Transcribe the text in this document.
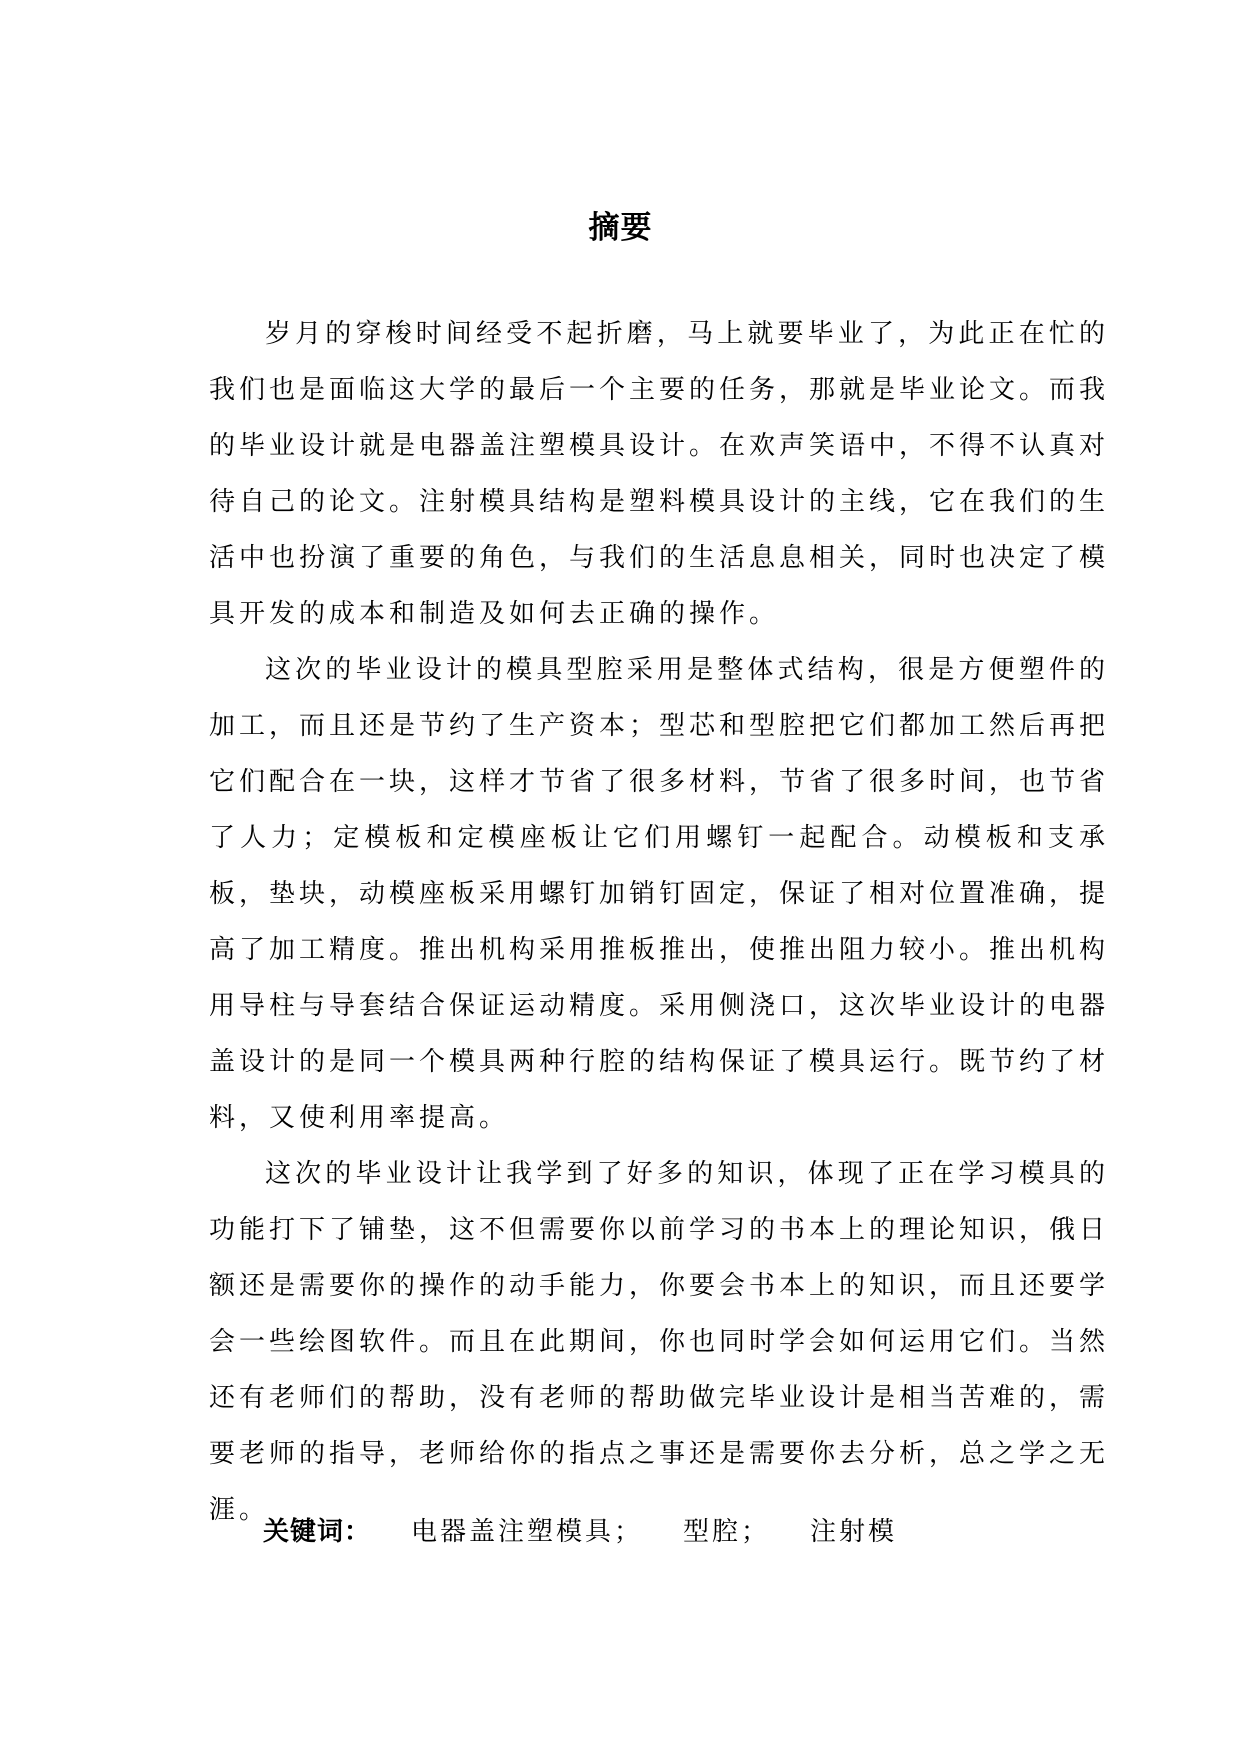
摘要

岁月的穿梭时间经受不起折磨，马上就要毕业了，为此正在忙的我们也是面临这大学的最后一个主要的任务，那就是毕业论文。而我的毕业设计就是电器盖注塑模具设计。在欢声笑语中，不得不认真对待自己的论文。注射模具结构是塑料模具设计的主线，它在我们的生活中也扮演了重要的角色，与我们的生活息息相关，同时也决定了模具开发的成本和制造及如何去正确的操作。

这次的毕业设计的模具型腔采用是整体式结构，很是方便塑件的加工，而且还是节约了生产资本；型芯和型腔把它们都加工然后再把它们配合在一块，这样才节省了很多材料，节省了很多时间，也节省了人力；定模板和定模座板让它们用螺钉一起配合。动模板和支承板，垫块，动模座板采用螺钉加销钉固定，保证了相对位置准确，提高了加工精度。推出机构采用推板推出，使推出阻力较小。推出机构用导柱与导套结合保证运动精度。采用侧浇口，这次毕业设计的电器盖设计的是同一个模具两种行腔的结构保证了模具运行。既节约了材料，又使利用率提高。

这次的毕业设计让我学到了好多的知识，体现了正在学习模具的功能打下了铺垫，这不但需要你以前学习的书本上的理论知识，俄日额还是需要你的操作的动手能力，你要会书本上的知识，而且还要学会一些绘图软件。而且在此期间，你也同时学会如何运用它们。当然还有老师们的帮助，没有老师的帮助做完毕业设计是相当苦难的，需要老师的指导，老师给你的指点之事还是需要你去分析，总之学之无涯。

关键词： 电器盖注塑模具； 型腔； 注射模
